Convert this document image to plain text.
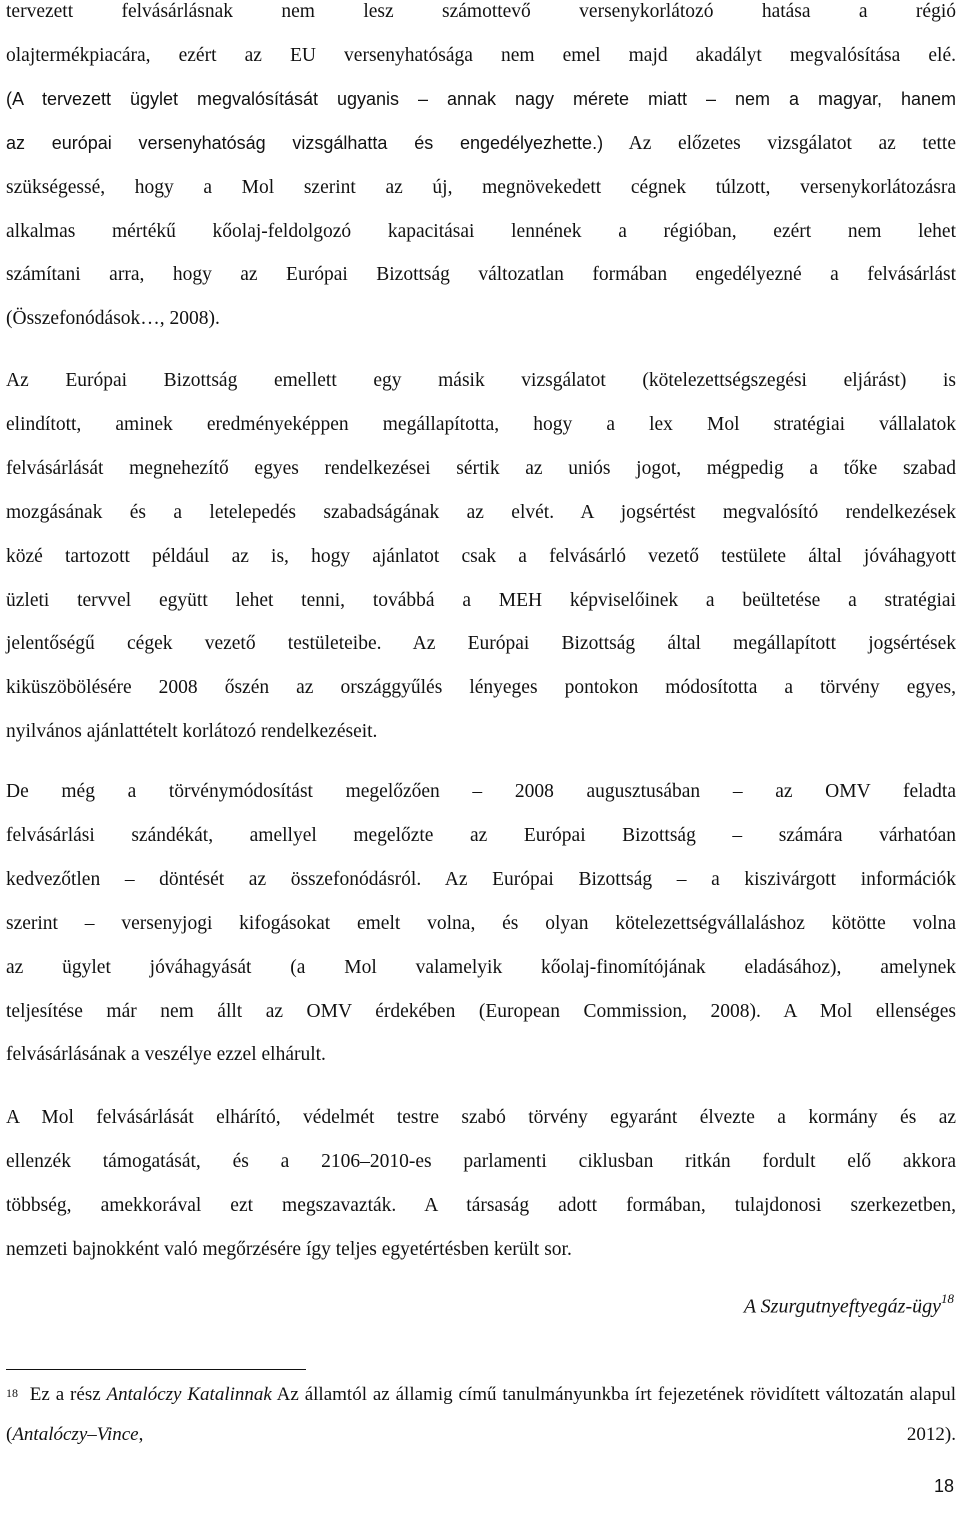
tervezett felvásárlásnak nem lesz számottevő versenykorlátozó hatása a régió
olajtermékpiacára, ezért az EU versenyhatósága nem emel majd akadályt megvalósítása elé.
(A tervezett ügylet megvalósítását ugyanis – annak nagy mérete miatt – nem a magyar, hanem
az európai versenyhatóság vizsgálhatta és engedélyezhette.) Az előzetes vizsgálatot az tette
szükségessé, hogy a Mol szerint az új, megnövekedett cégnek túlzott, versenykorlátozásra
alkalmas mértékű kőolaj-feldolgozó kapacitásai lennének a régióban, ezért nem lehet
számítani arra, hogy az Európai Bizottság változatlan formában engedélyezné a felvásárlást
(Összefonódások…, 2008).

Az Európai Bizottság emellett egy másik vizsgálatot (kötelezettségszegési eljárást) is
elindított, aminek eredményeképpen megállapította, hogy a lex Mol stratégiai vállalatok
felvásárlását megnehezítő egyes rendelkezései sértik az uniós jogot, mégpedig a tőke szabad
mozgásának és a letelepedés szabadságának az elvét. A jogsértést megvalósító rendelkezések
közé tartozott például az is, hogy ajánlatot csak a felvásárló vezető testülete által jóváhagyott
üzleti tervvel együtt lehet tenni, továbbá a MEH képviselőinek a beültetése a stratégiai
jelentőségű cégek vezető testületeibe. Az Európai Bizottság által megállapított jogsértések
kiküszöbölésére 2008 őszén az országgyűlés lényeges pontokon módosította a törvény egyes,
nyilvános ajánlattételt korlátozó rendelkezéseit.

De még a törvénymódosítást megelőzően – 2008 augusztusában – az OMV feladta
felvásárlási szándékát, amellyel megelőzte az Európai Bizottság – számára várhatóan
kedvezőtlen – döntését az összefonódásról. Az Európai Bizottság – a kiszivárgott információk
szerint – versenyjogi kifogásokat emelt volna, és olyan kötelezettségvállaláshoz kötötte volna
az ügylet jóváhagyását (a Mol valamelyik kőolaj-finomítójának eladásához), amelynek
teljesítése már nem állt az OMV érdekében (European Commission, 2008). A Mol ellenséges
felvásárlásának a veszélye ezzel elhárult.

A Mol felvásárlását elhárító, védelmét testre szabó törvény egyaránt élvezte a kormány és az
ellenzék támogatását, és a 2106–2010-es parlamenti ciklusban ritkán fordult elő akkora
többség, amekkorával ezt megszavazták. A társaság adott formában, tulajdonosi szerkezetben,
nemzeti bajnokként való megőrzésére így teljes egyetértésben került sor.

A Szurgutnyeftyegáz-ügy$^{18}$

$^{18}$ Ez a rész Antalóczy Katalinnak Az államtól az államig című tanulmányunkba írt fejezetének rövidített változatán alapul (Antalóczy–Vince, 2012).

18
